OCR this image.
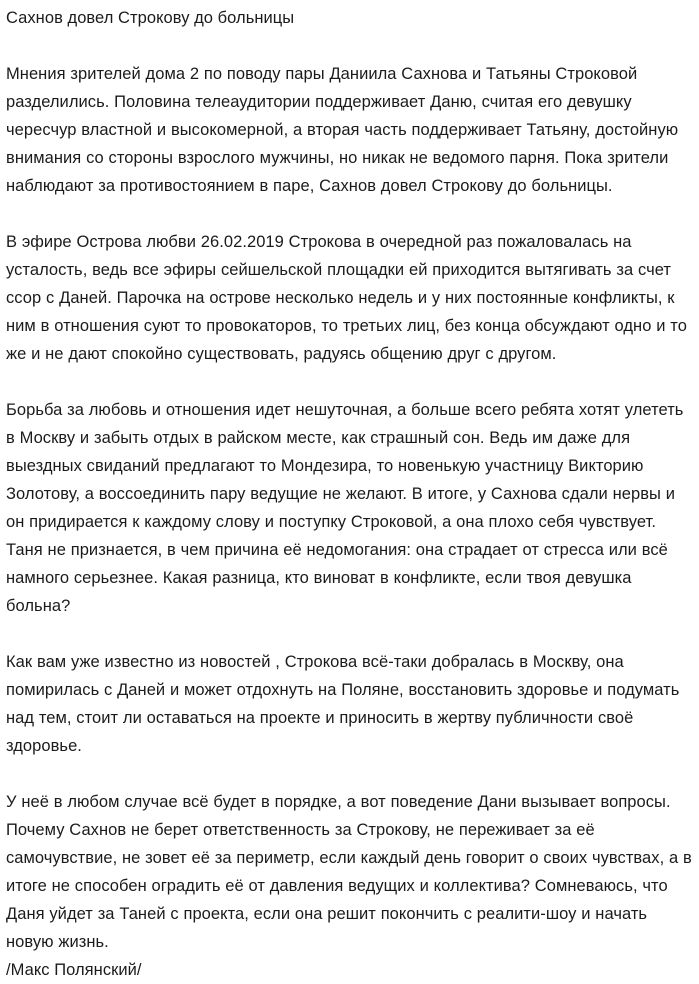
Сахнов довел Строкову до больницы

Мнения зрителей дома 2 по поводу пары Даниила Сахнова и Татьяны Строковой разделились. Половина телеаудитории поддерживает Даню, считая его девушку чересчур властной и высокомерной, а вторая часть поддерживает Татьяну, достойную внимания со стороны взрослого мужчины, но никак не ведомого парня. Пока зрители наблюдают за противостоянием в паре, Сахнов довел Строкову до больницы.

В эфире Острова любви 26.02.2019 Строкова в очередной раз пожаловалась на усталость, ведь все эфиры сейшельской площадки ей приходится вытягивать за счет ссор с Даней. Парочка на острове несколько недель и у них постоянные конфликты, к ним в отношения суют то провокаторов, то третьих лиц, без конца обсуждают одно и то же и не дают спокойно существовать, радуясь общению друг с другом.

Борьба за любовь и отношения идет нешуточная, а больше всего ребята хотят улететь в Москву и забыть отдых в райском месте, как страшный сон. Ведь им даже для выездных свиданий предлагают то Мондезира, то новенькую участницу Викторию Золотову, а воссоединить пару ведущие не желают. В итоге, у Сахнова сдали нервы и он придирается к каждому слову и поступку Строковой, а она плохо себя чувствует. Таня не признается, в чем причина её недомогания: она страдает от стресса или всё намного серьезнее. Какая разница, кто виноват в конфликте, если твоя девушка больна?

Как вам уже известно из новостей , Строкова всё-таки добралась в Москву, она помирилась с Даней и может отдохнуть на Поляне, восстановить здоровье и подумать над тем, стоит ли оставаться на проекте и приносить в жертву публичности своё здоровье.

У неё в любом случае всё будет в порядке, а вот поведение Дани вызывает вопросы. Почему Сахнов не берет ответственность за Строкову, не переживает за её самочувствие, не зовет её за периметр, если каждый день говорит о своих чувствах, а в итоге не способен оградить её от давления ведущих и коллектива? Сомневаюсь, что Даня уйдет за Таней с проекта, если она решит покончить с реалити-шоу и начать новую жизнь.

/Макс Полянский/
